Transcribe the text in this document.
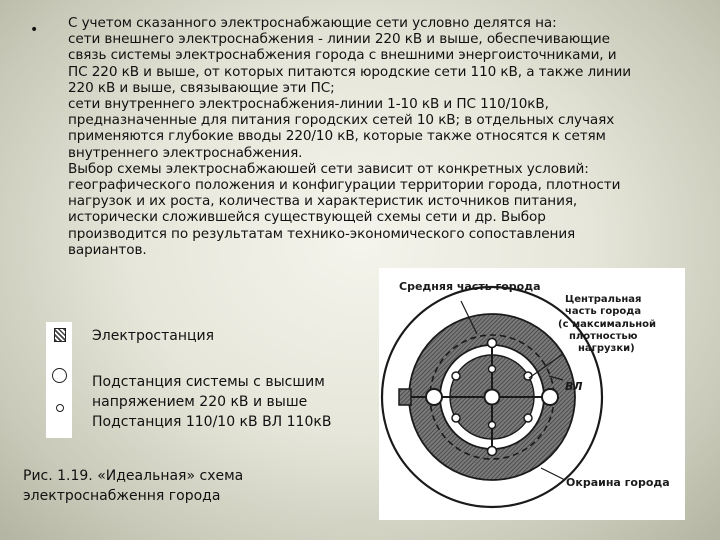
• С учетом сказанного электроснабжающие сети условно делятся на:
сети внешнего электроснабжения - линии 220 кВ и выше, обеспечивающие
связь системы электроснабжения города с внешними энергоисточниками, и
ПС 220 кВ и выше, от которых питаются юродские сети 110 кВ, а также линии
220 кВ и выше, связывающие эти ПС;
сети внутреннего электроснабжения-линии 1-10 кВ и ПС 110/10кВ,
предназначенные для питания городских сетей 10 кВ; в отдельных случаях
применяются глубокие вводы 220/10 кВ, которые также относятся к сетям
внутреннего электроснабжения.
Выбор схемы электроснабжаюшей сети зависит от конкретных условий:
географического положения и конфигурации территории города, плотности
нагрузок и их роста, количества и характеристик источников питания,
исторически сложившейся существующей схемы сети и др. Выбор
производится по результатам технико-экономического сопоставления
вариантов.
Электростанция
Подстанция системы с высшим
напряжением 220 кВ и выше
Подстанция 110/10 кВ ВЛ 110кВ
Рис. 1.19. «Идеальная» схема
электроснабження города
Средняя часть города
Центральная
часть города
(с максимальной
плотностью
нагрузки)
ВЛ
Окраина города
